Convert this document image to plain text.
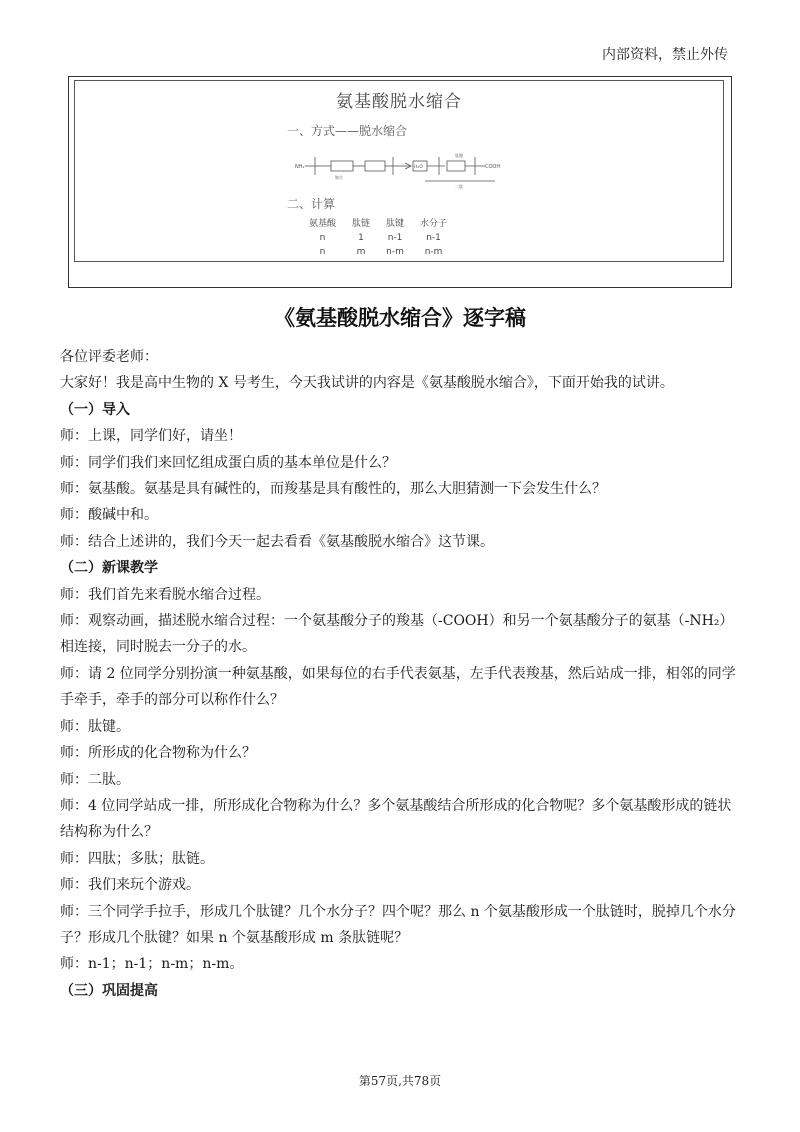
内部资料，禁止外传
氨基酸脱水缩合
一、方式——脱水缩合
NH₂
缩合
H₂O
肽键
COOH
二肽
二、计算
氨基酸	肽链	肽键	水分子
n	1	n-1	n-1
n	m	n-m	n-m
《氨基酸脱水缩合》逐字稿

各位评委老师：

大家好！我是高中生物的 X 号考生，今天我试讲的内容是《氨基酸脱水缩合》，下面开始我的试讲。

（一）导入

师：上课，同学们好，请坐！

师：同学们我们来回忆组成蛋白质的基本单位是什么？

师：氨基酸。氨基是具有碱性的，而羧基是具有酸性的，那么大胆猜测一下会发生什么？

师：酸碱中和。

师：结合上述讲的，我们今天一起去看看《氨基酸脱水缩合》这节课。

（二）新课教学

师：我们首先来看脱水缩合过程。

师：观察动画，描述脱水缩合过程：一个氨基酸分子的羧基（-COOH）和另一个氨基酸分子的氨基（-NH₂）相连接，同时脱去一分子的水。

师：请 2 位同学分别扮演一种氨基酸，如果每位的右手代表氨基，左手代表羧基，然后站成一排，相邻的同学手牵手，牵手的部分可以称作什么？

师：肽键。

师：所形成的化合物称为什么？

师：二肽。

师：4 位同学站成一排，所形成化合物称为什么？多个氨基酸结合所形成的化合物呢？多个氨基酸形成的链状结构称为什么？

师：四肽；多肽；肽链。

师：我们来玩个游戏。

师：三个同学手拉手，形成几个肽键？几个水分子？四个呢？那么 n 个氨基酸形成一个肽链时，脱掉几个水分子？形成几个肽键？如果 n 个氨基酸形成 m 条肽链呢？

师：n-1；n-1；n-m；n-m。

（三）巩固提高

第57页,共78页
